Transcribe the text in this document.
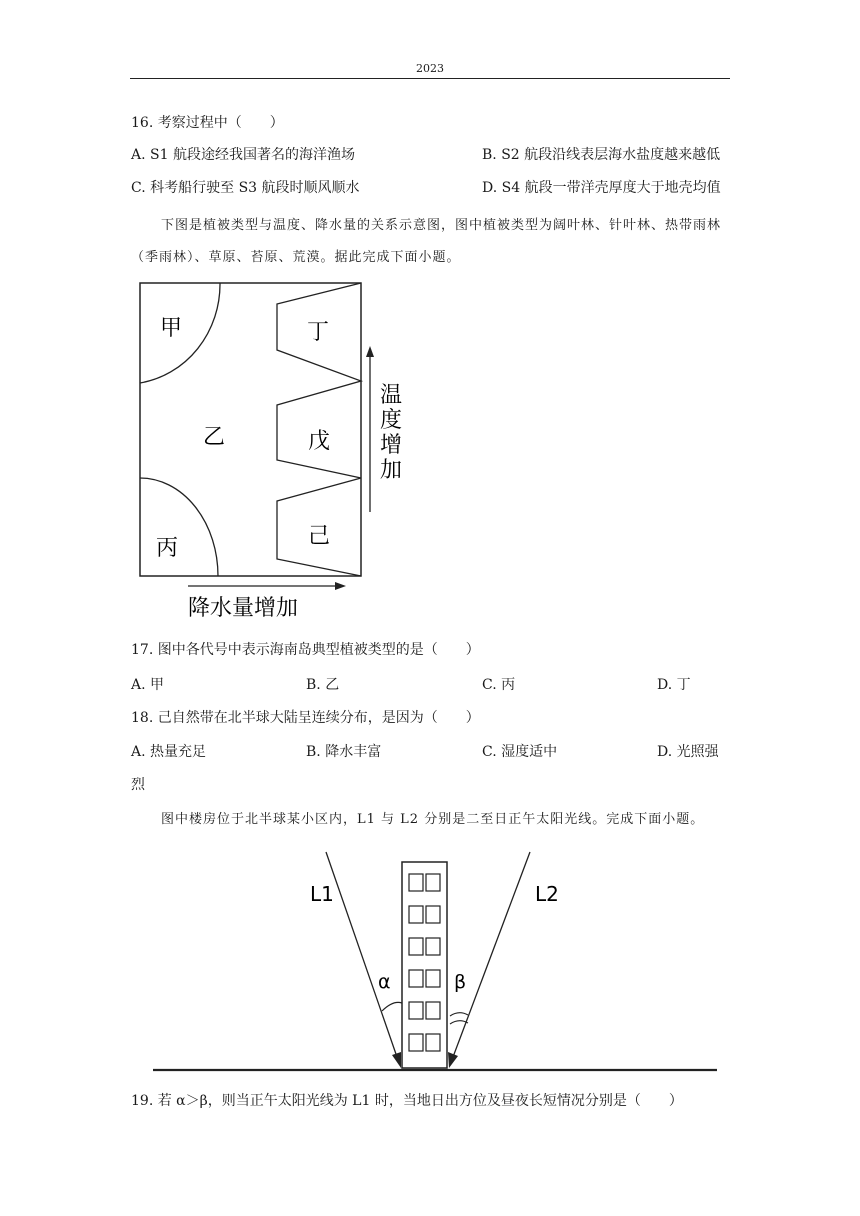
2023
16. 考察过程中（　　）
A. S1 航段途经我国著名的海洋渔场	B. S2 航段沿线表层海水盐度越来越低
C. 科考船行驶至 S3 航段时顺风顺水	D. S4 航段一带洋壳厚度大于地壳均值
下图是植被类型与温度、降水量的关系示意图，图中植被类型为阔叶林、针叶林、热带雨林（季雨林）、草原、苔原、荒漠。据此完成下面小题。
甲
乙
丙
丁
戊
己
温
度
增
加
降水量增加
17. 图中各代号中表示海南岛典型植被类型的是（　　）
A. 甲	B. 乙	C. 丙	D. 丁
18. 己自然带在北半球大陆呈连续分布，是因为（　　）
A. 热量充足	B. 降水丰富	C. 湿度适中	D. 光照强
烈
图中楼房位于北半球某小区内，L1 与 L2 分别是二至日正午太阳光线。完成下面小题。
L1	L2
α	β
19. 若 α＞β，则当正午太阳光线为 L1 时，当地日出方位及昼夜长短情况分别是（　　）
